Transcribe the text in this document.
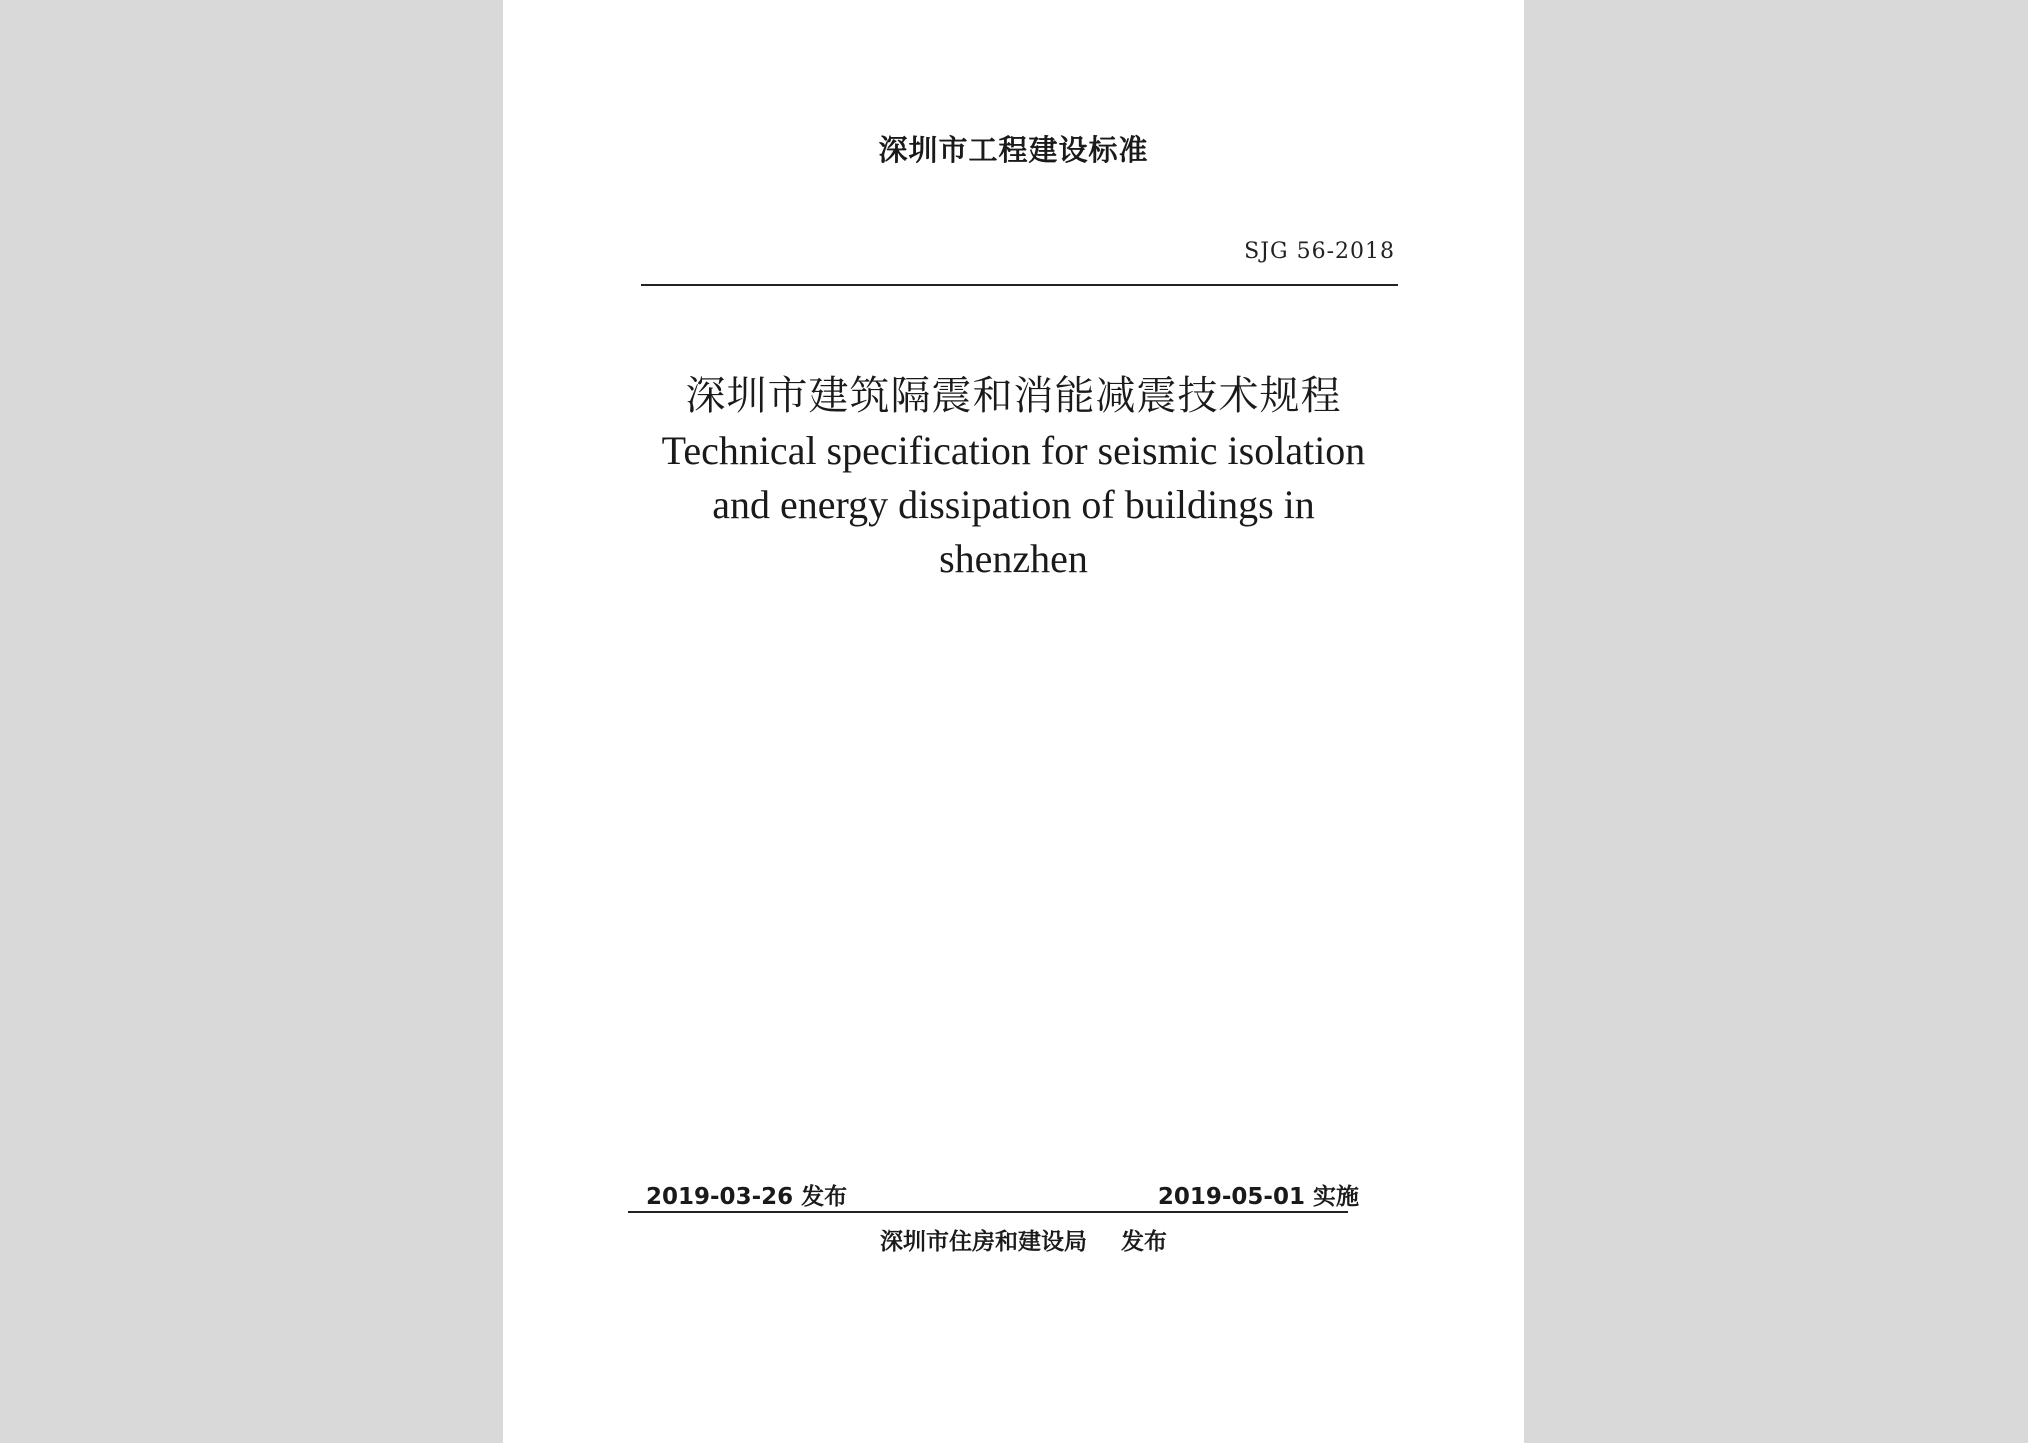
深圳市工程建设标准
SJG 56-2018
深圳市建筑隔震和消能减震技术规程
Technical specification for seismic isolation
and energy dissipation of buildings in
shenzhen
2019-03-26 发布	2019-05-01 实施
深圳市住房和建设局 发布
